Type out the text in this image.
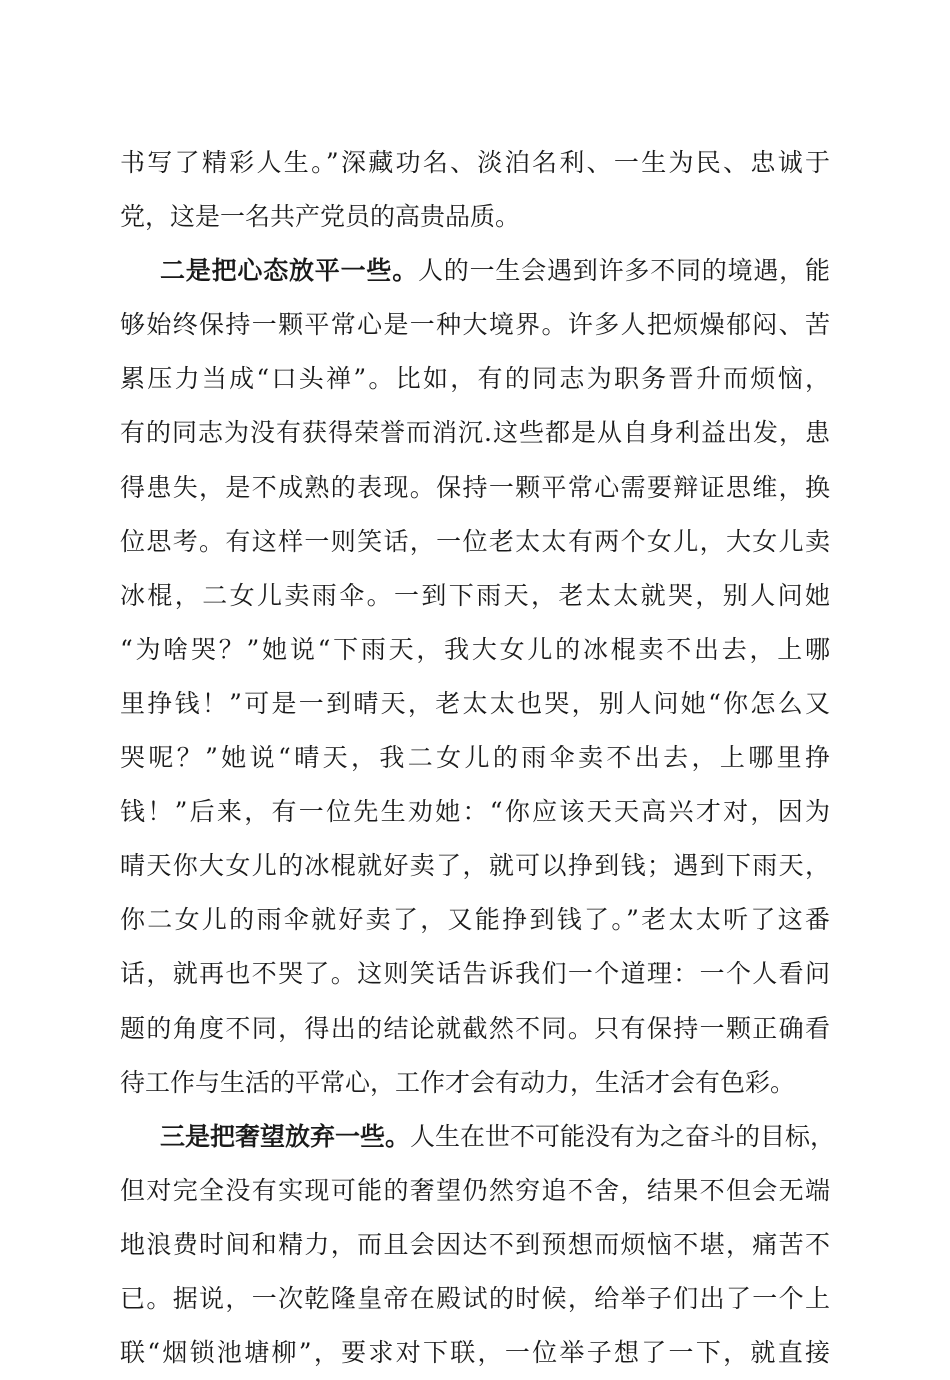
书写了精彩人生。”深藏功名、淡泊名利、一生为民、忠诚于
党，这是一名共产党员的高贵品质。
二是把心态放平一些。人的一生会遇到许多不同的境遇，能
够始终保持一颗平常心是一种大境界。许多人把烦燥郁闷、苦
累压力当成“口头禅”。比如，有的同志为职务晋升而烦恼，
有的同志为没有获得荣誉而消沉.这些都是从自身利益出发，患
得患失，是不成熟的表现。保持一颗平常心需要辩证思维，换
位思考。有这样一则笑话，一位老太太有两个女儿，大女儿卖
冰棍，二女儿卖雨伞。一到下雨天，老太太就哭，别人问她
“为啥哭？”她说“下雨天，我大女儿的冰棍卖不出去，上哪
里挣钱！”可是一到晴天，老太太也哭，别人问她“你怎么又
哭呢？”她说“晴天，我二女儿的雨伞卖不出去，上哪里挣
钱！”后来，有一位先生劝她：“你应该天天高兴才对，因为
晴天你大女儿的冰棍就好卖了，就可以挣到钱；遇到下雨天，
你二女儿的雨伞就好卖了，又能挣到钱了。”老太太听了这番
话，就再也不哭了。这则笑话告诉我们一个道理：一个人看问
题的角度不同，得出的结论就截然不同。只有保持一颗正确看
待工作与生活的平常心，工作才会有动力，生活才会有色彩。
三是把奢望放弃一些。人生在世不可能没有为之奋斗的目标，
但对完全没有实现可能的奢望仍然穷追不舍，结果不但会无端
地浪费时间和精力，而且会因达不到预想而烦恼不堪，痛苦不
已。据说，一次乾隆皇帝在殿试的时候，给举子们出了一个上
联“烟锁池塘柳”，要求对下联，一位举子想了一下，就直接
